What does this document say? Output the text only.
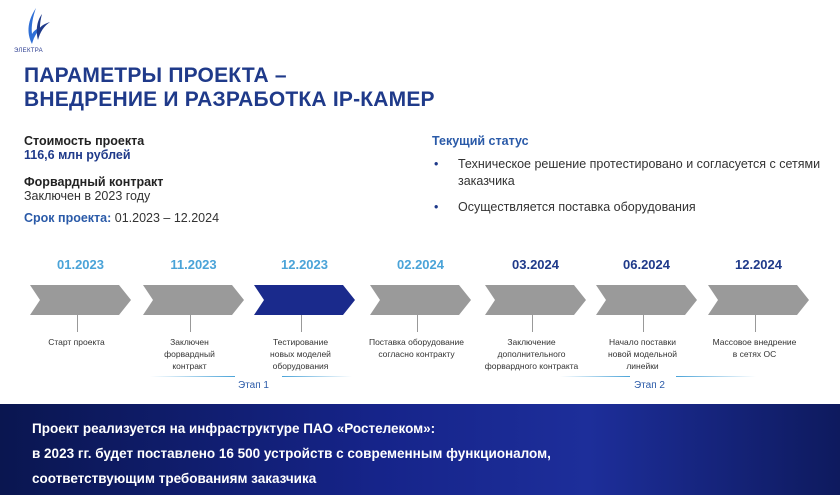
ЭЛЕКТРА
ПАРАМЕТРЫ ПРОЕКТА –
ВНЕДРЕНИЕ И РАЗРАБОТКА IP-КАМЕР
Стоимость проекта
116,6 млн рублей
Форвардный контракт
Заключен в 2023 году
Срок проекта: 01.2023 – 12.2024
Текущий статус
• Техническое решение протестировано и согласуется с сетями заказчика
• Осуществляется поставка оборудования
01.2023
Старт проекта
11.2023
Заключен
форвардный
контракт
12.2023
Тестирование
новых моделей
оборудования
02.2024
Поставка оборудование
согласно контракту
03.2024
Заключение
дополнительного
форвардного контракта
06.2024
Начало поставки
новой модельной
линейки
12.2024
Массовое внедрение
в сетях ОС
Этап 1	Этап 2
Проект реализуется на инфраструктуре ПАО «Ростелеком»:
в 2023 гг. будет поставлено 16 500 устройств с современным функционалом,
соответствующим требованиям заказчика
